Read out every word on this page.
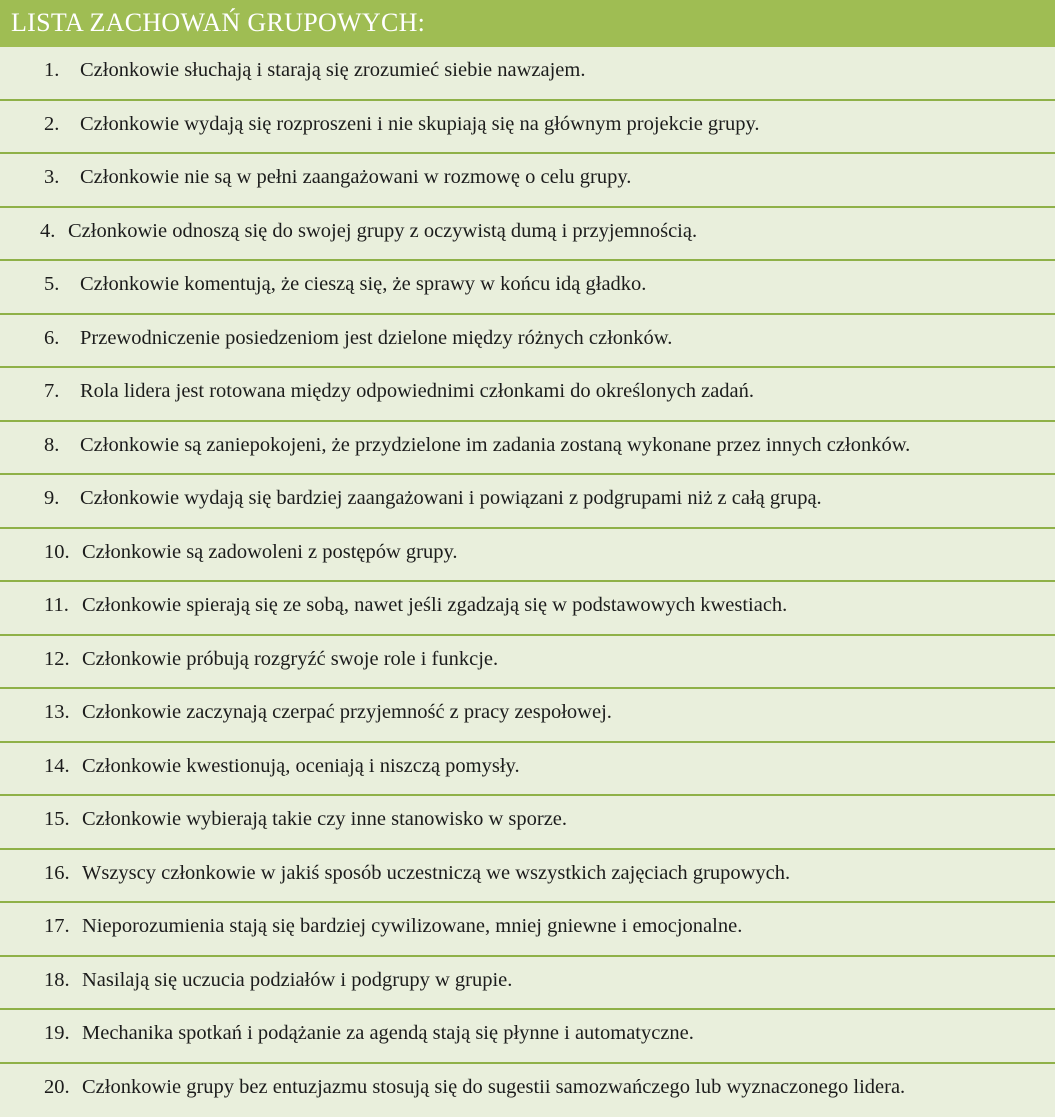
LISTA ZACHOWAŃ GRUPOWYCH:
1. Członkowie słuchają i starają się zrozumieć siebie nawzajem.
2. Członkowie wydają się rozproszeni i nie skupiają się na głównym projekcie grupy.
3. Członkowie nie są w pełni zaangażowani w rozmowę o celu grupy.
4. Członkowie odnoszą się do swojej grupy z oczywistą dumą i przyjemnością.
5. Członkowie komentują, że cieszą się, że sprawy w końcu idą gładko.
6. Przewodniczenie posiedzeniom jest dzielone między różnych członków.
7. Rola lidera jest rotowana między odpowiednimi członkami do określonych zadań.
8. Członkowie są zaniepokojeni, że przydzielone im zadania zostaną wykonane przez innych członków.
9. Członkowie wydają się bardziej zaangażowani i powiązani z podgrupami niż z całą grupą.
10. Członkowie są zadowoleni z postępów grupy.
11. Członkowie spierają się ze sobą, nawet jeśli zgadzają się w podstawowych kwestiach.
12. Członkowie próbują rozgryźć swoje role i funkcje.
13. Członkowie zaczynają czerpać przyjemność z pracy zespołowej.
14. Członkowie kwestionują, oceniają i niszczą pomysły.
15. Członkowie wybierają takie czy inne stanowisko w sporze.
16. Wszyscy członkowie w jakiś sposób uczestniczą we wszystkich zajęciach grupowych.
17. Nieporozumienia stają się bardziej cywilizowane, mniej gniewne i emocjonalne.
18. Nasilają się uczucia podziałów i podgrupy w grupie.
19. Mechanika spotkań i podążanie za agendą stają się płynne i automatyczne.
20. Członkowie grupy bez entuzjazmu stosują się do sugestii samozwańczego lub wyznaczonego lidera.
